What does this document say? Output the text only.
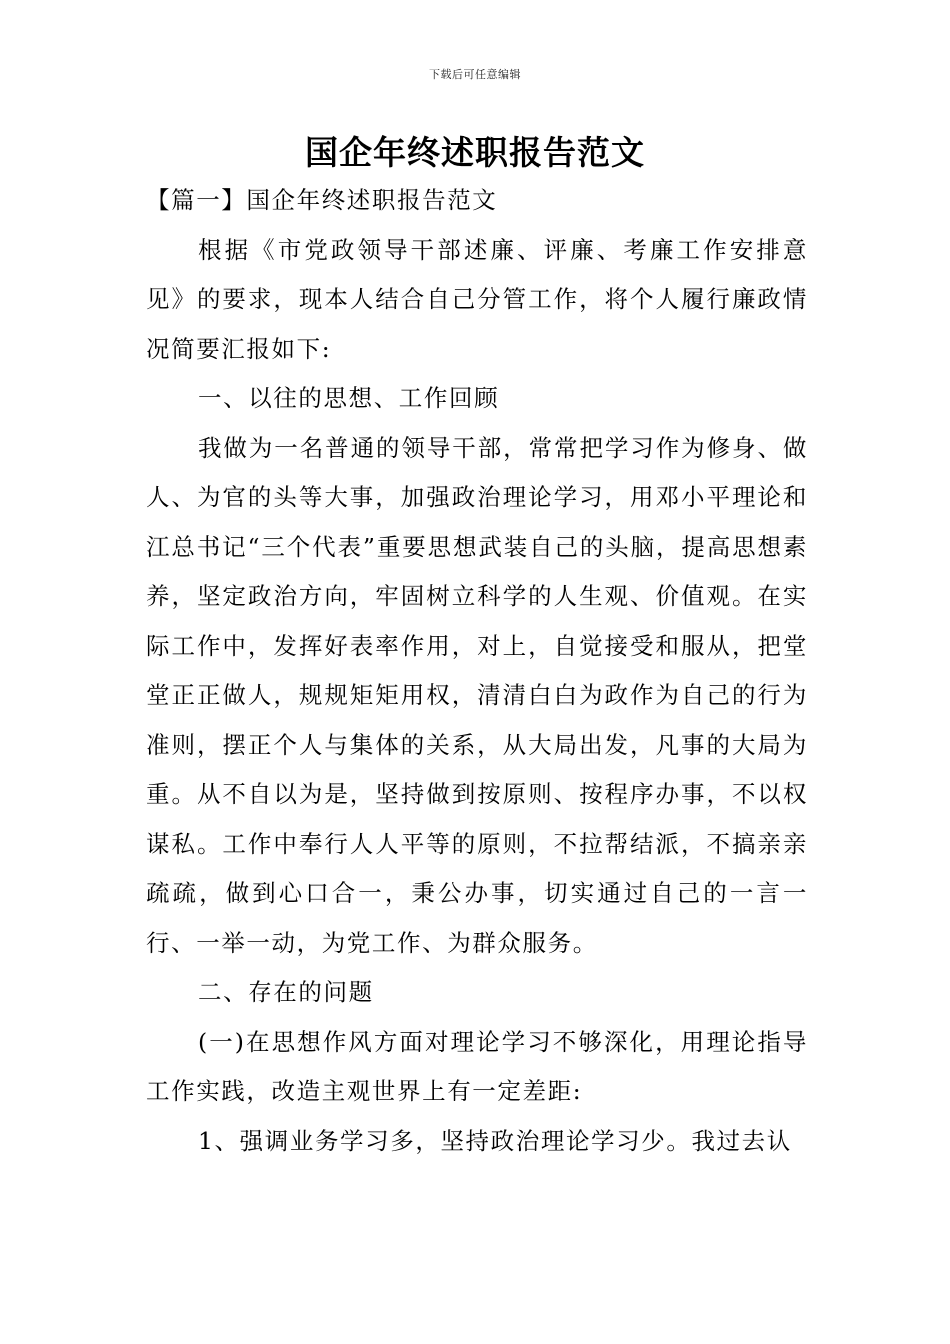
下载后可任意编辑
国企年终述职报告范文

【篇一】国企年终述职报告范文

根据《市党政领导干部述廉、评廉、考廉工作安排意见》的要求，现本人结合自己分管工作，将个人履行廉政情况简要汇报如下:

一、以往的思想、工作回顾

我做为一名普通的领导干部，常常把学习作为修身、做人、为官的头等大事，加强政治理论学习，用邓小平理论和江总书记“三个代表”重要思想武装自己的头脑，提高思想素养，坚定政治方向，牢固树立科学的人生观、价值观。在实际工作中，发挥好表率作用，对上，自觉接受和服从，把堂堂正正做人，规规矩矩用权，清清白白为政作为自己的行为准则，摆正个人与集体的关系，从大局出发，凡事的大局为重。从不自以为是，坚持做到按原则、按程序办事，不以权谋私。工作中奉行人人平等的原则，不拉帮结派，不搞亲亲疏疏，做到心口合一，秉公办事，切实通过自己的一言一行、一举一动，为党工作、为群众服务。

二、存在的问题

(一)在思想作风方面对理论学习不够深化，用理论指导工作实践，改造主观世界上有一定差距:

1、强调业务学习多，坚持政治理论学习少。我过去认
